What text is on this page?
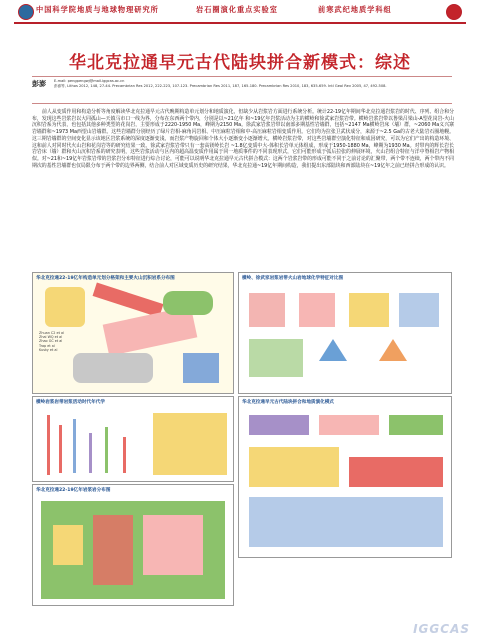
中国科学院地质与地球物理研究所	岩石圈演化重点实验室	前寒武纪地质学科组
华北克拉通早元古代陆块拼合新模式：综述
彭澎 E-mail: pengpengwj@mail.iggcas.ac.cn
彭澎等, Lithos 2012, 148, 27-44. Precambrian Res 2012, 222-223, 107-123. Precambrian Res 2011, 187, 165-180. Precambrian Res 2010, 183, 635-659. Intl Geol Rev 2005, 47, 492-508.
前人从变质作用和构造分析等角度解读华北克拉通早元古代晚期构造单元划分和地质演化，但缺少从岩浆岩方面进行系统分析。统计22-19亿年期间华北克拉通岩浆岩的时代、序列、组合和分布，发现这些岩浆岩以大同孤山—天镇马市口一线为界，分布在东西两个带内，分别是以~21亿年 和~19亿年岩浆活动为主的横岭和徐武家岩浆岩带。横岭岩浆岩带以鲁梁吕梁山-A型花岗岩-火山沉积岩系为代表，也包括其他多种类型的花岗岩，主要形成于2220-1950 Ma，峰期为2150 Ma。徐武家岩浆岩带以南部多期基性岩墙群，包括~2147 Ma横岭岩床（墙）群，~2060 Ma义兴寨岩墙群和~1973 Ma西望山岩墙群。这些岩墙群分别经历了绿片岩相-麻角闪岩相、中压麻粒岩相和中-高压麻粒岩相变质作用。它们均为拉张卫武状成分，来源于~2.5 Ga的古老大陆岩石圈地幔。这三期岩墙群的空间变化显示该地区岩浆系统的深度逐渐变浅，而岩浆产物旋回和个体大小逐渐变小逐渐增大。横岭岩浆岩带，对这些岩墙群空演化特征和成因研究，可以为它们产出的构造环境、这和前人对同时代火山岩和花岗岩等的研究结果一致。徐武家岩浆岩带只有一套高镁岭长岩 ~1.8亿变质中大-体积长岩单元体组成，形成于1950-1880 Ma，峰期为1930 Ma。对带内的辉长岩长岩岩床（墙）群和火山沉积岩系的研究表明，这些岩浆活动与区内的超高温变质作用属于同一地质事件的不同表现形式，它们可能形成于弧后拉张的伸展环境，火山岩组合特征与洋中脊相岩产物相似。对~21和~19亿年岩浆岩带的岩浆岩分布特征进行综合讨论，可能可以说明华北克拉通早元古代拼合模式：这两个岩浆岩带的形成可能不同于之前讨论的汇聚带，两个带不连续，两个带内不同期次的基性岩墙群也仅局限分布于两个带的边界两侧，结合前人对区域变质历史的研究结果，华北克拉通~19亿年期间构造，我们提出东部陆块和西部陆块在~19亿年之前已经拼合形成的认识。
华北克拉通22-19亿年构造单元划分格架和主要火山沉积岩系分布图
Zhuan C2 et al
Zhai WQ et al
Zhao GC et al
Trap et al
Kusky et al
横岭、徐武家岩浆岩带火山岩地球化学特征对比图
横岭岩浆岩带岩浆活动时代年代学	华北克拉通早元古代陆块拼合和地质演化模式
华北克拉通22-19亿年岩浆岩分布图
IGGCAS
